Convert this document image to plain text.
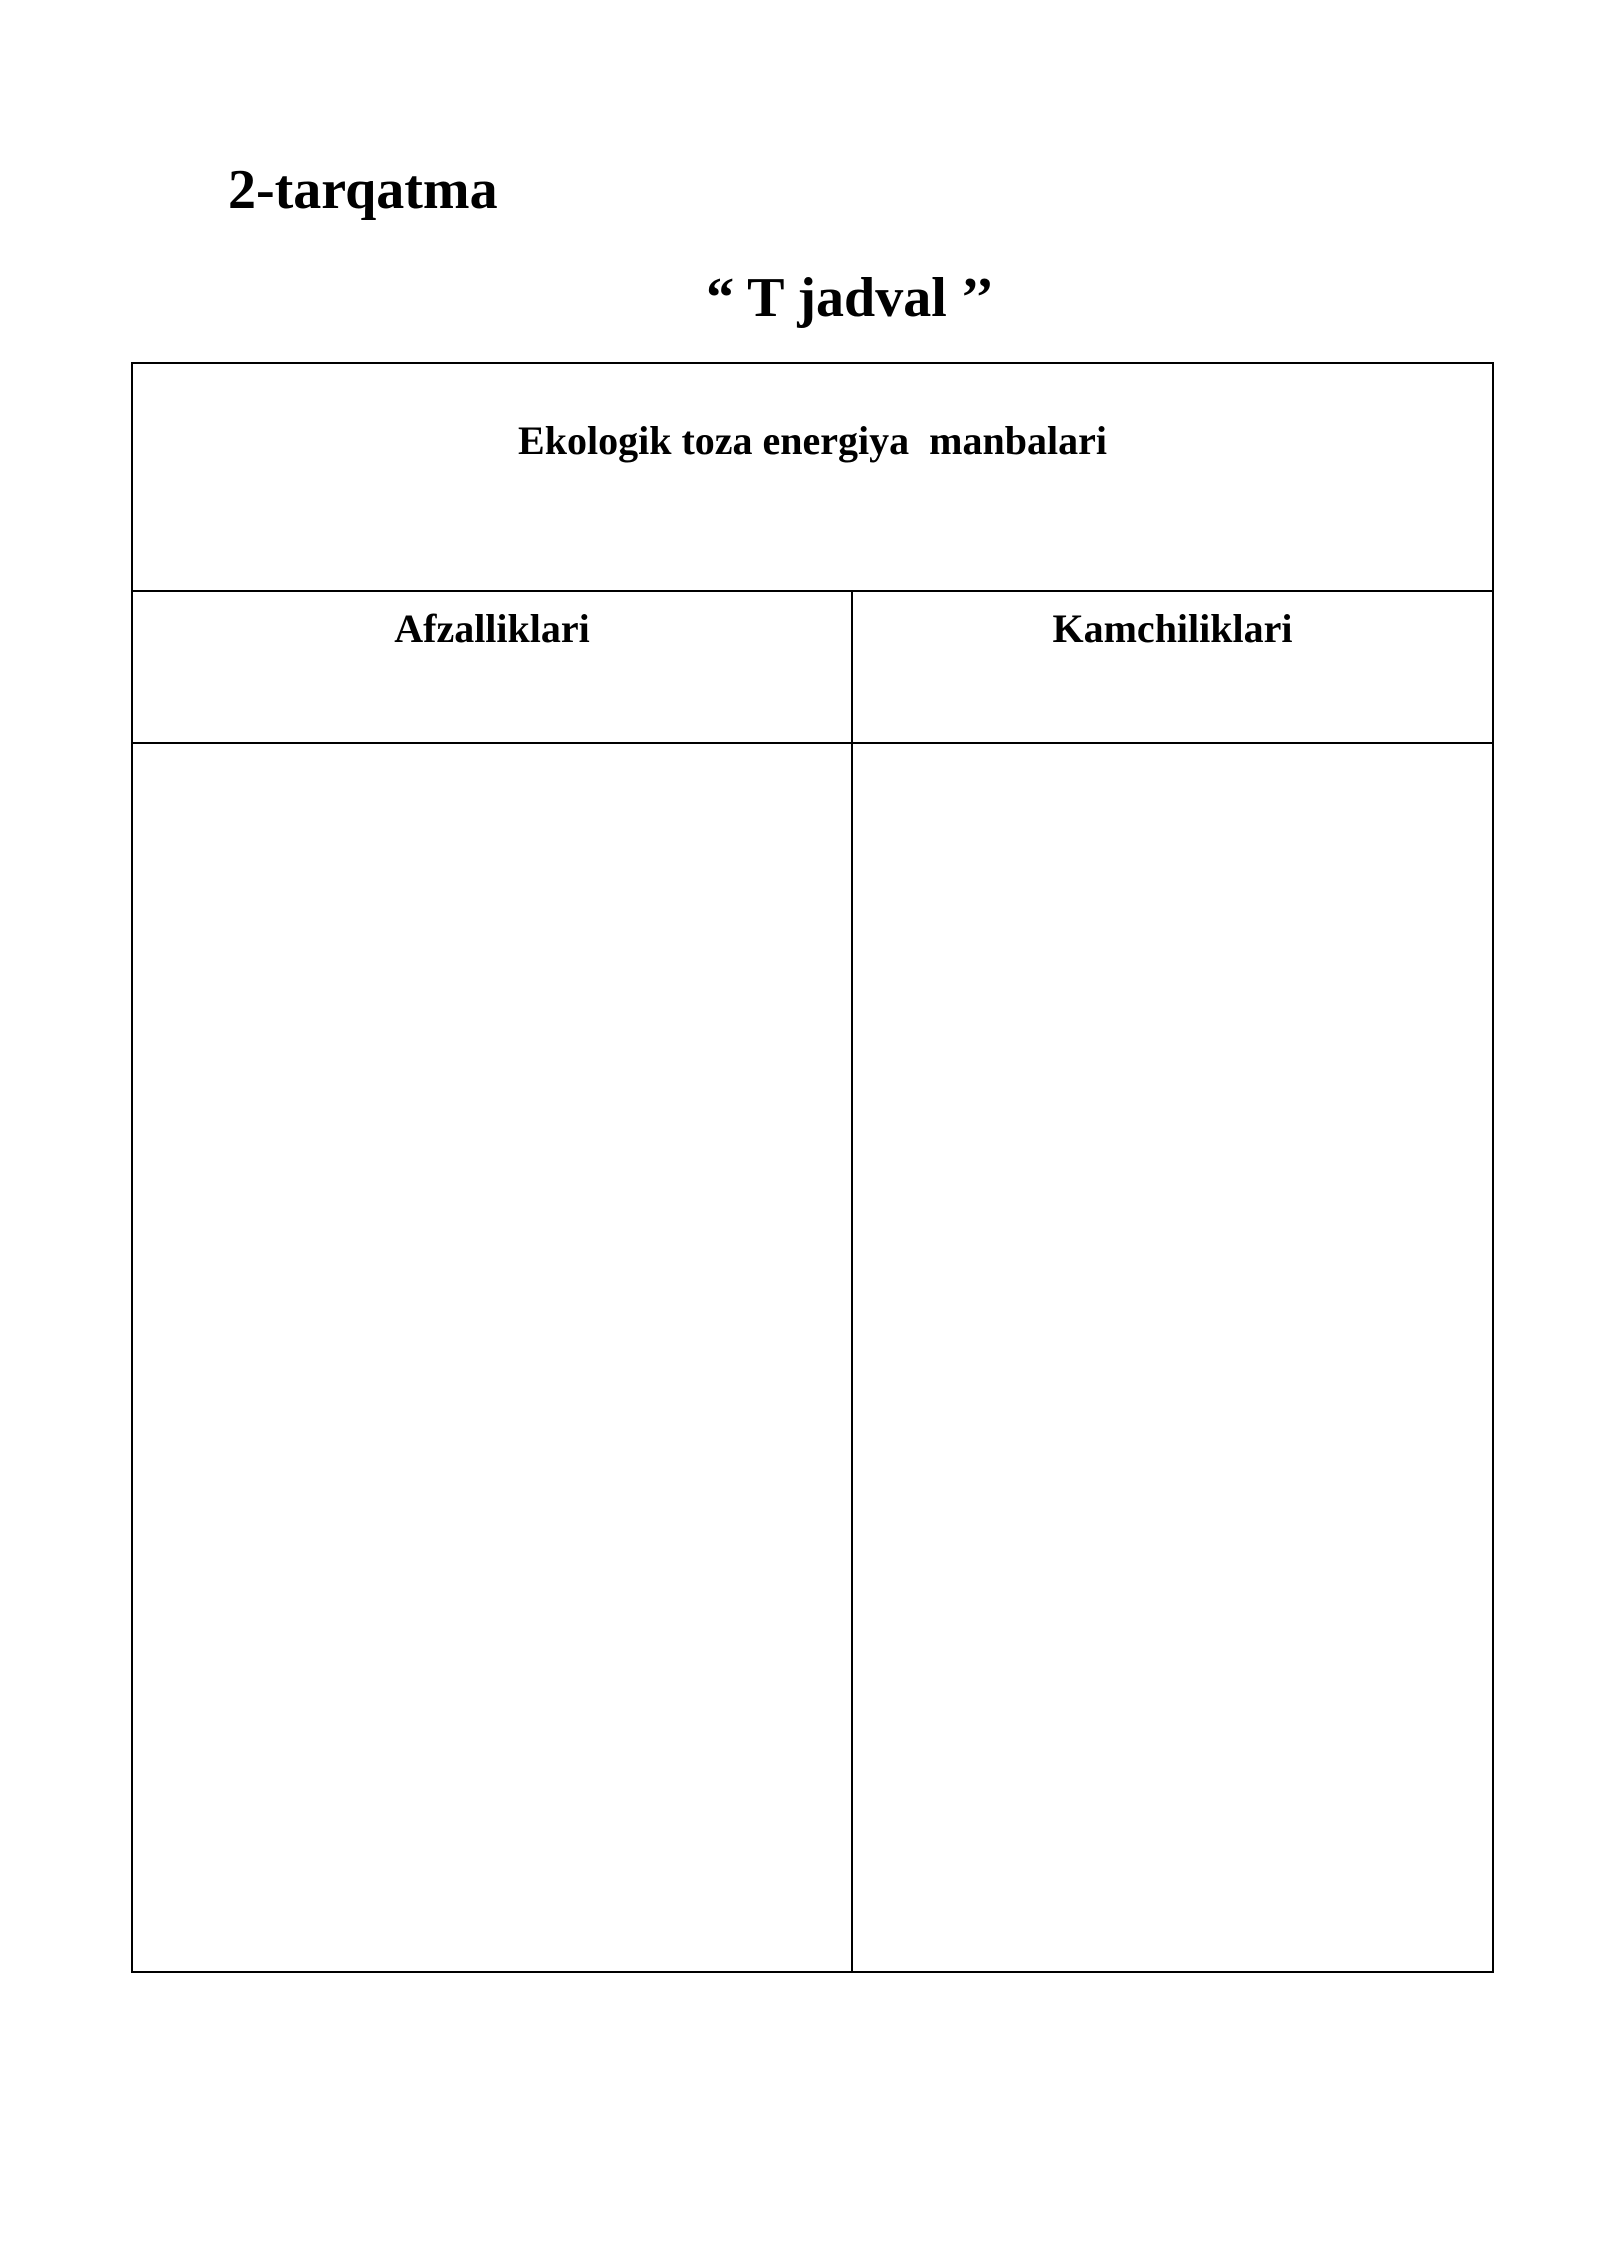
2-tarqatma
“ T jadval ’’
Ekologik toza energiya  manbalari
Afzalliklari	Kamchiliklari
